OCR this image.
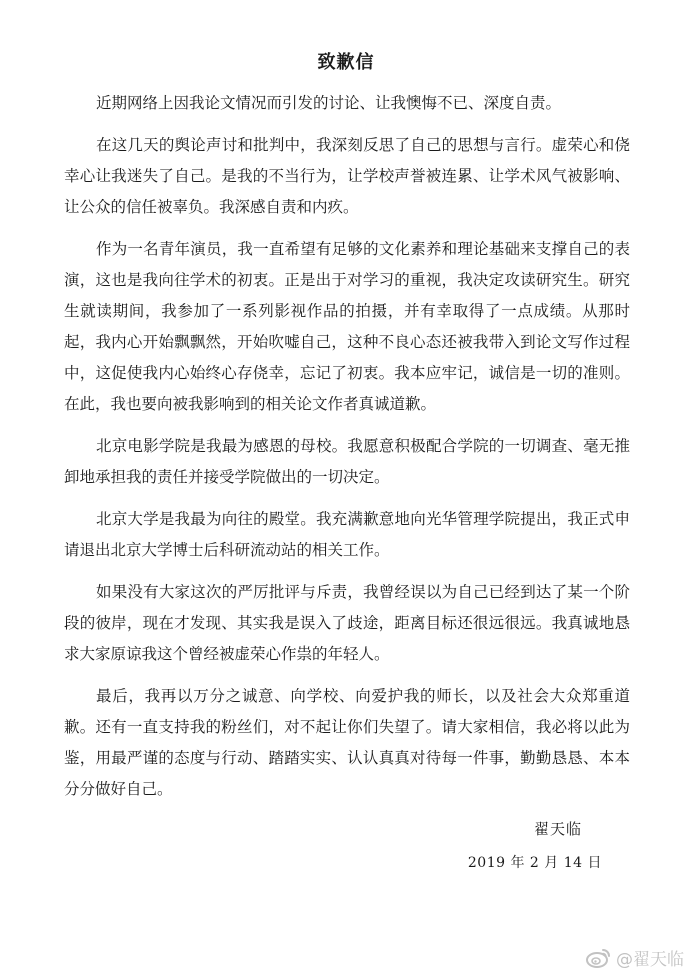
致歉信

近期网络上因我论文情况而引发的讨论、让我懊悔不已、深度自责。

在这几天的舆论声讨和批判中，我深刻反思了自己的思想与言行。虚荣心和侥幸心让我迷失了自己。是我的不当行为，让学校声誉被连累、让学术风气被影响、让公众的信任被辜负。我深感自责和内疚。

作为一名青年演员，我一直希望有足够的文化素养和理论基础来支撑自己的表演，这也是我向往学术的初衷。正是出于对学习的重视，我决定攻读研究生。研究生就读期间，我参加了一系列影视作品的拍摄，并有幸取得了一点成绩。从那时起，我内心开始飘飘然，开始吹嘘自己，这种不良心态还被我带入到论文写作过程中，这促使我内心始终心存侥幸，忘记了初衷。我本应牢记，诚信是一切的准则。在此，我也要向被我影响到的相关论文作者真诚道歉。

北京电影学院是我最为感恩的母校。我愿意积极配合学院的一切调查、毫无推卸地承担我的责任并接受学院做出的一切决定。

北京大学是我最为向往的殿堂。我充满歉意地向光华管理学院提出，我正式申请退出北京大学博士后科研流动站的相关工作。

如果没有大家这次的严厉批评与斥责，我曾经误以为自己已经到达了某一个阶段的彼岸，现在才发现、其实我是误入了歧途，距离目标还很远很远。我真诚地恳求大家原谅我这个曾经被虚荣心作祟的年轻人。

最后，我再以万分之诚意、向学校、向爱护我的师长，以及社会大众郑重道歉。还有一直支持我的粉丝们，对不起让你们失望了。请大家相信，我必将以此为鉴，用最严谨的态度与行动、踏踏实实、认认真真对待每一件事，勤勤恳恳、本本分分做好自己。

翟天临
2019 年 2 月 14 日
@翟天临
